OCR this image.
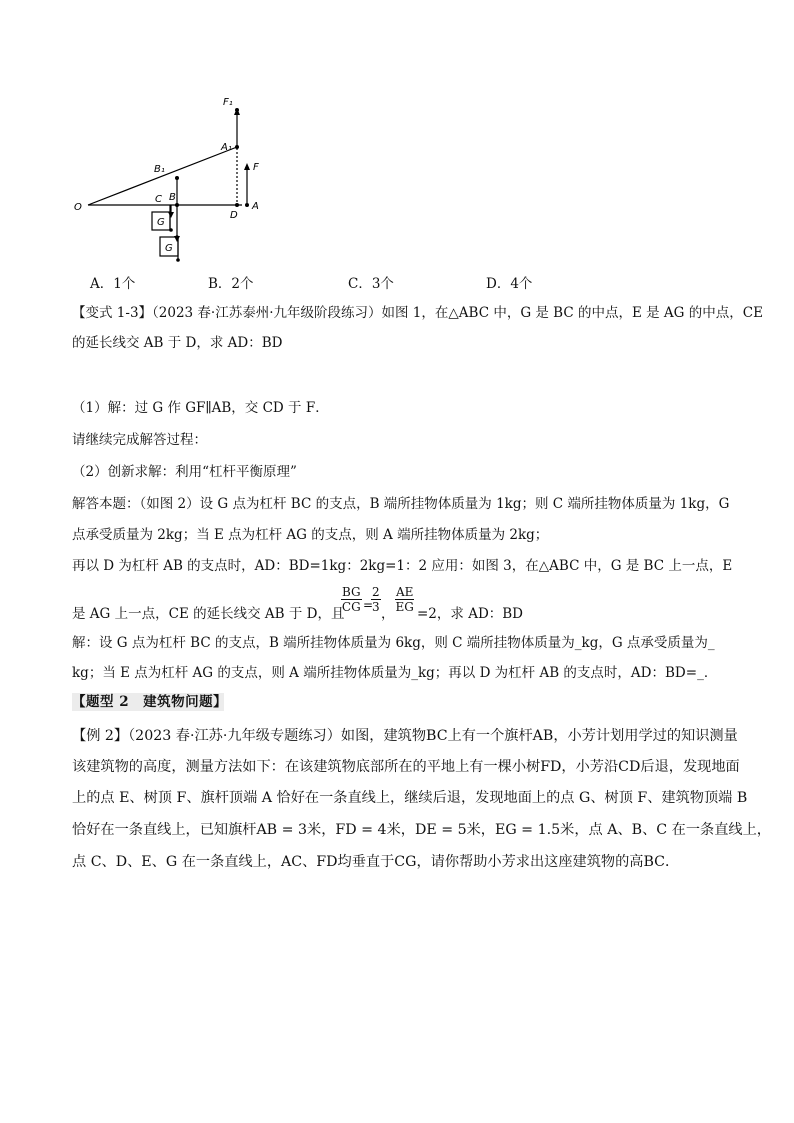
F₁
A₁
F
B₁
B
C
O
D
A
G
G
A．1个	B．2个	C．3个	D．4个
【变式 1-3】（2023 春·江苏泰州·九年级阶段练习）如图 1，在△ABC 中，G 是 BC 的中点，E 是 AG 的中点，CE
的延长线交 AB 于 D，求 AD：BD
（1）解：过 G 作 GF∥AB，交 CD 于 F．
请继续完成解答过程：
（2）创新求解：利用“杠杆平衡原理”
解答本题：（如图 2）设 G 点为杠杆 BC 的支点，B 端所挂物体质量为 1kg；则 C 端所挂物体质量为 1kg，G
点承受质量为 2kg；当 E 点为杠杆 AG 的支点，则 A 端所挂物体质量为 2kg；
再以 D 为杠杆 AB 的支点时，AD：BD=1kg：2kg=1：2 应用：如图 3，在△ABC 中，G 是 BC 上一点，E
是 AG 上一点，CE 的延长线交 AB 于 D，且
$\frac{BG}{CG}$ =
$\frac{2}{3}$ ， $\frac{AE}{EG} =2$，求 AD：BD
解：设 G 点为杠杆 BC 的支点，B 端所挂物体质量为 6kg，则 C 端所挂物体质量为_kg，G 点承受质量为_
kg；当 E 点为杠杆 AG 的支点，则 A 端所挂物体质量为_kg；再以 D 为杠杆 AB 的支点时，AD：BD=_．
【题型 2　建筑物问题】
【例 2】（2023 春·江苏·九年级专题练习）如图，建筑物BC上有一个旗杆AB，小芳计划用学过的知识测量
该建筑物的高度，测量方法如下：在该建筑物底部所在的平地上有一棵小树FD，小芳沿CD后退，发现地面
上的点 E、树顶 F、旗杆顶端 A 恰好在一条直线上，继续后退，发现地面上的点 G、树顶 F、建筑物顶端 B
恰好在一条直线上，已知旗杆AB = 3米，FD = 4米，DE = 5米，EG = 1.5米，点 A、B、C 在一条直线上，
点 C、D、E、G 在一条直线上，AC、FD均垂直于CG，请你帮助小芳求出这座建筑物的高BC．
